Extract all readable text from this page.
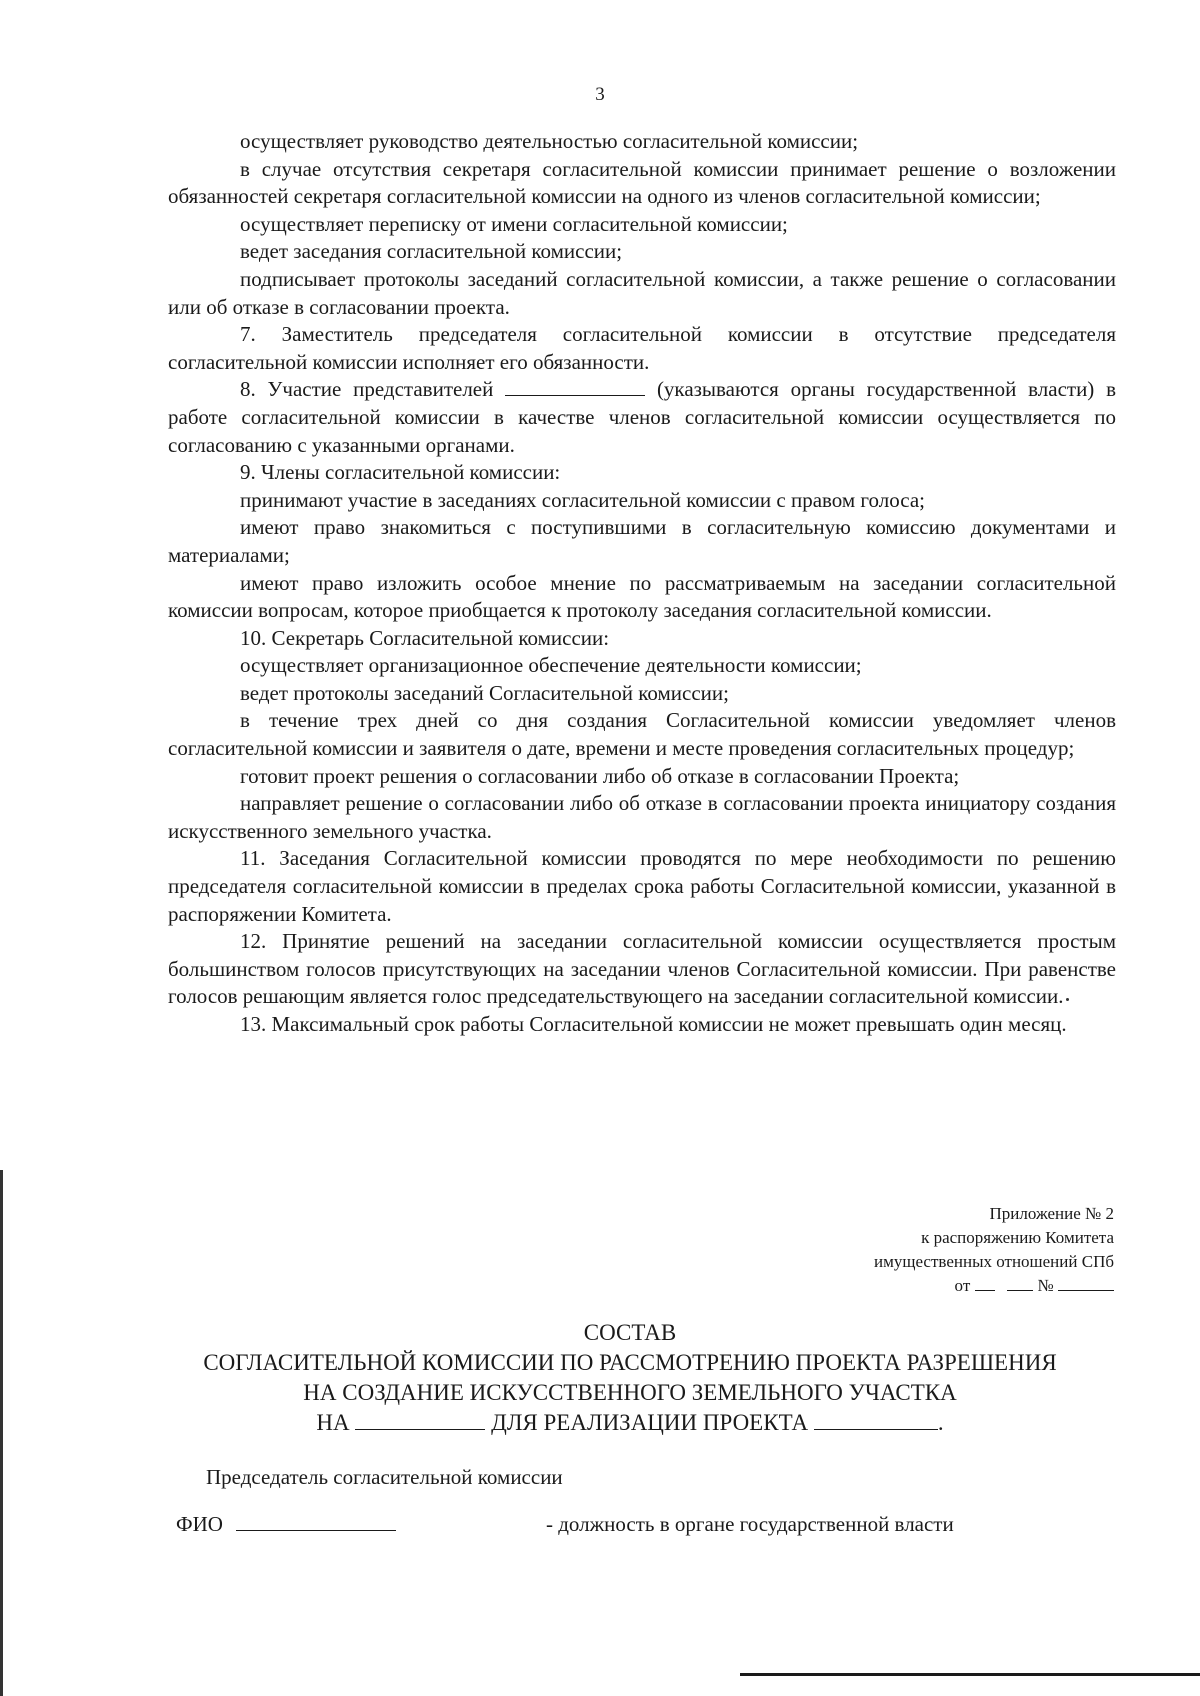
3

осуществляет руководство деятельностью согласительной комиссии;

в случае отсутствия секретаря согласительной комиссии принимает решение о возложении обязанностей секретаря согласительной комиссии на одного из членов согласительной комиссии;

осуществляет переписку от имени согласительной комиссии;

ведет заседания согласительной комиссии;

подписывает протоколы заседаний согласительной комиссии, а также решение о согласовании или об отказе в согласовании проекта.

7. Заместитель председателя согласительной комиссии в отсутствие председателя согласительной комиссии исполняет его обязанности.

8. Участие представителей	(указываются органы государственной власти) в работе согласительной комиссии в качестве членов согласительной комиссии осуществляется по согласованию с указанными органами.

9. Члены согласительной комиссии:

принимают участие в заседаниях согласительной комиссии с правом голоса;

имеют право знакомиться с поступившими в согласительную комиссию документами и материалами;

имеют право изложить особое мнение по рассматриваемым на заседании согласительной комиссии вопросам, которое приобщается к протоколу заседания согласительной комиссии.

10. Секретарь Согласительной комиссии:

осуществляет организационное обеспечение деятельности комиссии;

ведет протоколы заседаний Согласительной комиссии;

в течение трех дней со дня создания Согласительной комиссии уведомляет членов согласительной комиссии и заявителя о дате, времени и месте проведения согласительных процедур;

готовит проект решения о согласовании либо об отказе в согласовании Проекта;

направляет решение о согласовании либо об отказе в согласовании проекта инициатору создания искусственного земельного участка.

11. Заседания Согласительной комиссии проводятся по мере необходимости по решению председателя согласительной комиссии в пределах срока работы Согласительной комиссии, указанной в распоряжении Комитета.

12. Принятие решений на заседании согласительной комиссии осуществляется простым большинством голосов присутствующих на заседании членов Согласительной комиссии. При равенстве голосов решающим является голос председательствующего на заседании согласительной комиссии.

13. Максимальный срок работы Согласительной комиссии не может превышать один месяц.

Приложение № 2
к распоряжению Комитета
имущественных отношений СПб
от	№
СОСТАВ
СОГЛАСИТЕЛЬНОЙ КОМИССИИ ПО РАССМОТРЕНИЮ ПРОЕКТА РАЗРЕШЕНИЯ
НА СОЗДАНИЕ ИСКУССТВЕННОГО ЗЕМЕЛЬНОГО УЧАСТКА
НА	ДЛЯ РЕАЛИЗАЦИИ ПРОЕКТА	.
Председатель согласительной комиссии
ФИО	- должность в органе государственной власти
